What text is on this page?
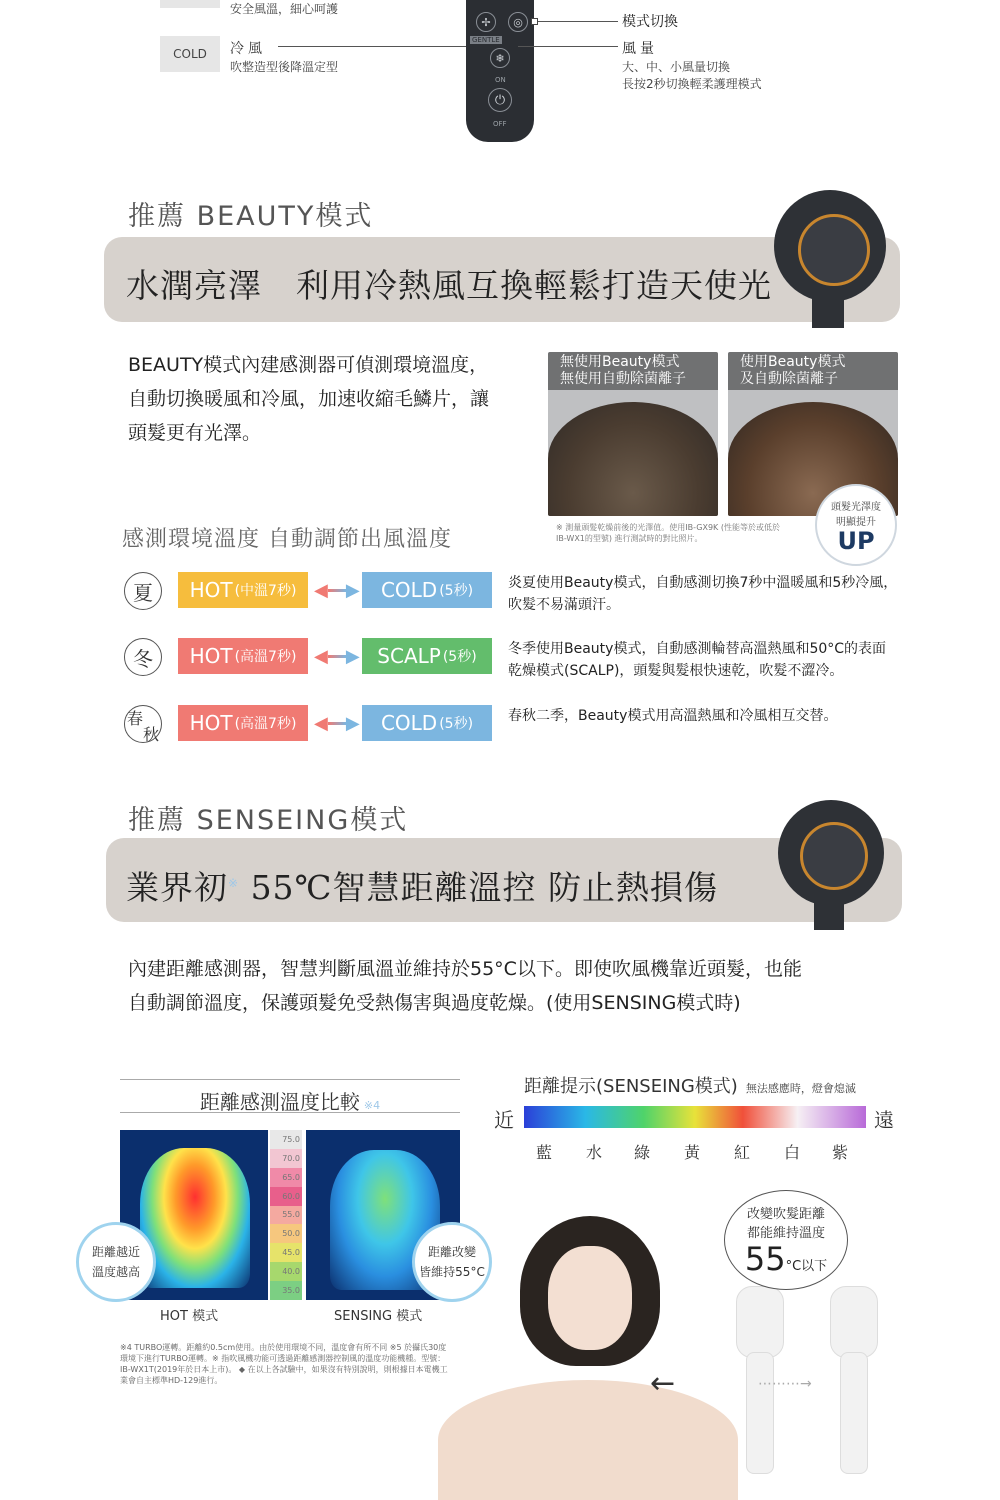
安全風溫，細心呵護
COLD	冷風
吹整造型後降溫定型
✢	◎
GENTLE
❄
ON
⏻
OFF
模式切換
風量
大、中、小風量切換
長按2秒切換輕柔護理模式
推薦 BEAUTY模式
水潤亮澤　利用冷熱風互換輕鬆打造天使光
BEAUTY模式內建感測器可偵測環境溫度，
自動切換暖風和冷風，加速收縮毛鱗片，讓
頭髮更有光澤。
無使用Beauty模式
無使用自動除菌離子
使用Beauty模式
及自動除菌離子
頭髮光澤度
明顯提升
UP
※ 測量頭髮乾燥前後的光澤值。使用IB-GX9K (性能等於或低於
IB-WX1的型號) 進行測試時的對比照片。
感測環境溫度 自動調節出風溫度
夏	HOT (中溫7秒) ◀ ▶ COLD (5秒) 炎夏使用Beauty模式，自動感測切換7秒中溫暖風和5秒冷風，
吹髮不易滿頭汗。
冬	HOT (高溫7秒) ◀ ▶ SCALP (5秒) 冬季使用Beauty模式，自動感測輪替高溫熱風和50°C的表面
乾燥模式(SCALP)，頭髮與髮根快速乾，吹髮不澀冷。
春
秋 HOT (高溫7秒) ◀ ▶ COLD (5秒) 春秋二季，Beauty模式用高溫熱風和冷風相互交替。
推薦 SENSEING模式
業界初※ 55℃智慧距離溫控 防止熱損傷
內建距離感測器，智慧判斷風溫並維持於55°C以下。即使吹風機靠近頭髮，也能
自動調節溫度，保護頭髮免受熱傷害與過度乾燥。(使用SENSING模式時)
距離感測溫度比較 ※4
75.0
70.0
65.0
60.0
55.0
50.0
45.0
40.0
35.0
距離越近
溫度越高
距離改變
皆維持55°C
HOT 模式	SENSING 模式
※4 TURBO運轉。距離約0.5cm使用。由於使用環境不同，溫度會有所不同 ※5 於攝氏30度
環境下進行TURBO運轉。※ 指吹風機功能可透過距離感測器控制風的溫度功能機種。型號：
IB-WX1T(2019年於日本上市)。 ◆ 在以上各試驗中，如果沒有特別說明，則根據日本電機工
業會自主標準HD-129進行。
距離提示(SENSEING模式) 無法感應時，燈會熄滅
近	遠
藍 水 綠 黃 紅 白 紫
←	⋯⋯⋯→
改變吹髮距離
都能維持溫度
55°C以下
